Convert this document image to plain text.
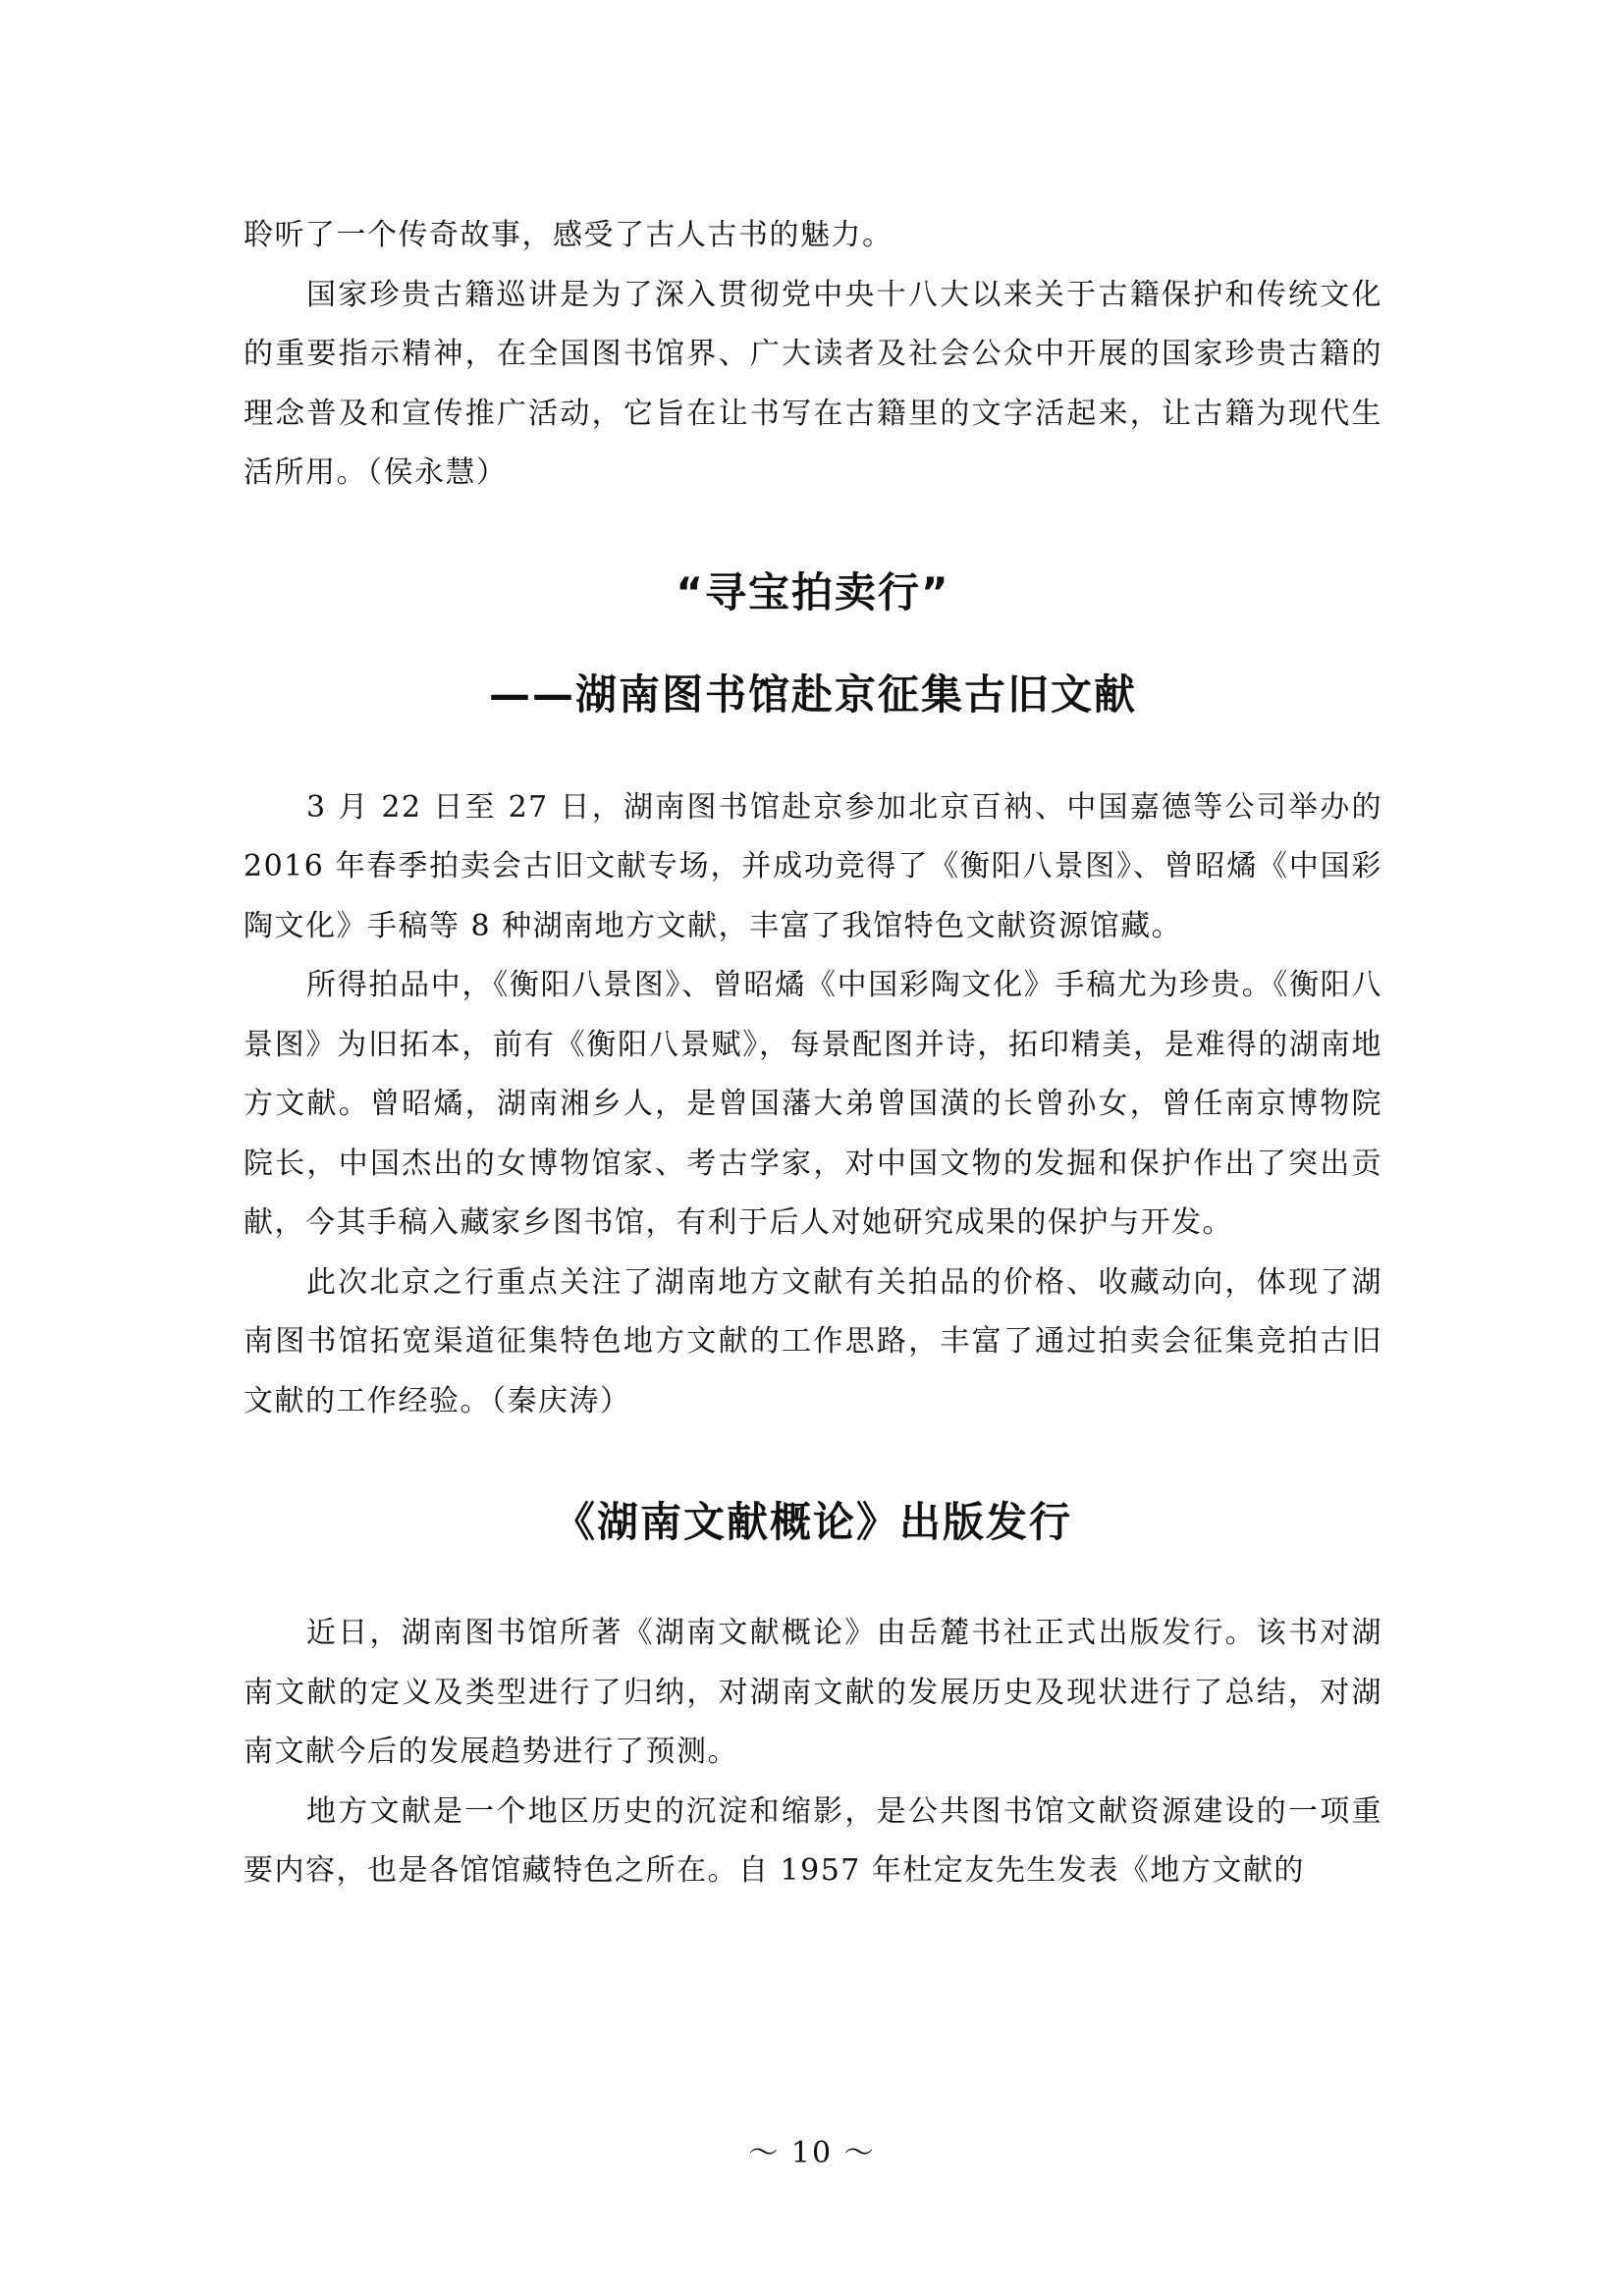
聆听了一个传奇故事，感受了古人古书的魅力。

国家珍贵古籍巡讲是为了深入贯彻党中央十八大以来关于古籍保护和传统文化的重要指示精神，在全国图书馆界、广大读者及社会公众中开展的国家珍贵古籍的理念普及和宣传推广活动，它旨在让书写在古籍里的文字活起来，让古籍为现代生活所用。（侯永慧）

“寻宝拍卖行”
——湖南图书馆赴京征集古旧文献

3 月 22 日至 27 日，湖南图书馆赴京参加北京百衲、中国嘉德等公司举办的 2016 年春季拍卖会古旧文献专场，并成功竞得了《衡阳八景图》、曾昭燏《中国彩陶文化》手稿等 8 种湖南地方文献，丰富了我馆特色文献资源馆藏。

所得拍品中，《衡阳八景图》、曾昭燏《中国彩陶文化》手稿尤为珍贵。《衡阳八景图》为旧拓本，前有《衡阳八景赋》，每景配图并诗，拓印精美，是难得的湖南地方文献。曾昭燏，湖南湘乡人，是曾国藩大弟曾国潢的长曾孙女，曾任南京博物院院长，中国杰出的女博物馆家、考古学家，对中国文物的发掘和保护作出了突出贡献，今其手稿入藏家乡图书馆，有利于后人对她研究成果的保护与开发。

此次北京之行重点关注了湖南地方文献有关拍品的价格、收藏动向，体现了湖南图书馆拓宽渠道征集特色地方文献的工作思路，丰富了通过拍卖会征集竞拍古旧文献的工作经验。（秦庆涛）

《湖南文献概论》出版发行

近日，湖南图书馆所著《湖南文献概论》由岳麓书社正式出版发行。该书对湖南文献的定义及类型进行了归纳，对湖南文献的发展历史及现状进行了总结，对湖南文献今后的发展趋势进行了预测。

地方文献是一个地区历史的沉淀和缩影，是公共图书馆文献资源建设的一项重要内容，也是各馆馆藏特色之所在。自 1957 年杜定友先生发表《地方文献的

～ 10 ～
